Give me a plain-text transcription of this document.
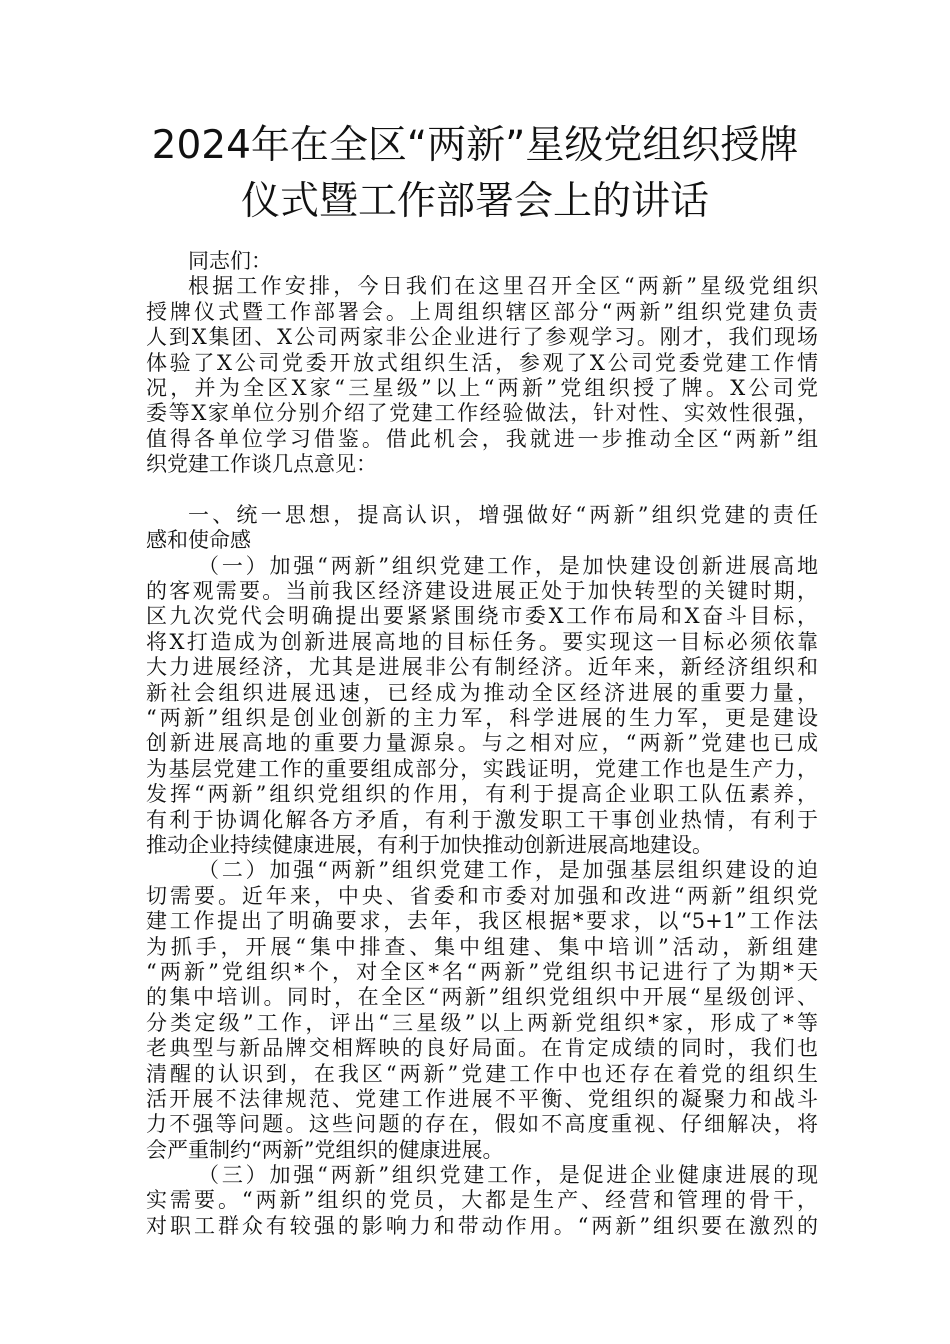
2024年在全区“两新”星级党组织授牌
仪式暨工作部署会上的讲话
同志们：
根据工作安排，今日我们在这里召开全区“两新”星级党组织
授牌仪式暨工作部署会。上周组织辖区部分“两新”组织党建负责
人到X集团、X公司两家非公企业进行了参观学习。刚才，我们现场
体验了X公司党委开放式组织生活，参观了X公司党委党建工作情
况，并为全区X家“三星级”以上“两新”党组织授了牌。X公司党
委等X家单位分别介绍了党建工作经验做法，针对性、实效性很强，
值得各单位学习借鉴。借此机会，我就进一步推动全区“两新”组
织党建工作谈几点意见：
一、统一思想，提高认识，增强做好“两新”组织党建的责任
感和使命感
（一）加强“两新”组织党建工作，是加快建设创新进展高地
的客观需要。当前我区经济建设进展正处于加快转型的关键时期，
区九次党代会明确提出要紧紧围绕市委X工作布局和X奋斗目标，
将X打造成为创新进展高地的目标任务。要实现这一目标必须依靠
大力进展经济，尤其是进展非公有制经济。近年来，新经济组织和
新社会组织进展迅速，已经成为推动全区经济进展的重要力量，
“两新”组织是创业创新的主力军，科学进展的生力军，更是建设
创新进展高地的重要力量源泉。与之相对应，“两新”党建也已成
为基层党建工作的重要组成部分，实践证明，党建工作也是生产力，
发挥“两新”组织党组织的作用，有利于提高企业职工队伍素养，
有利于协调化解各方矛盾，有利于激发职工干事创业热情，有利于
推动企业持续健康进展，有利于加快推动创新进展高地建设。
（二）加强“两新”组织党建工作，是加强基层组织建设的迫
切需要。近年来，中央、省委和市委对加强和改进“两新”组织党
建工作提出了明确要求，去年，我区根据*要求，以“5+1”工作法
为抓手，开展“集中排查、集中组建、集中培训”活动，新组建
“两新”党组织*个，对全区*名“两新”党组织书记进行了为期*天
的集中培训。同时，在全区“两新”组织党组织中开展“星级创评、
分类定级”工作，评出“三星级”以上两新党组织*家，形成了*等
老典型与新品牌交相辉映的良好局面。在肯定成绩的同时，我们也
清醒的认识到，在我区“两新”党建工作中也还存在着党的组织生
活开展不法律规范、党建工作进展不平衡、党组织的凝聚力和战斗
力不强等问题。这些问题的存在，假如不高度重视、仔细解决，将
会严重制约“两新”党组织的健康进展。
（三）加强“两新”组织党建工作，是促进企业健康进展的现
实需要。“两新”组织的党员，大都是生产、经营和管理的骨干，
对职工群众有较强的影响力和带动作用。“两新”组织要在激烈的
